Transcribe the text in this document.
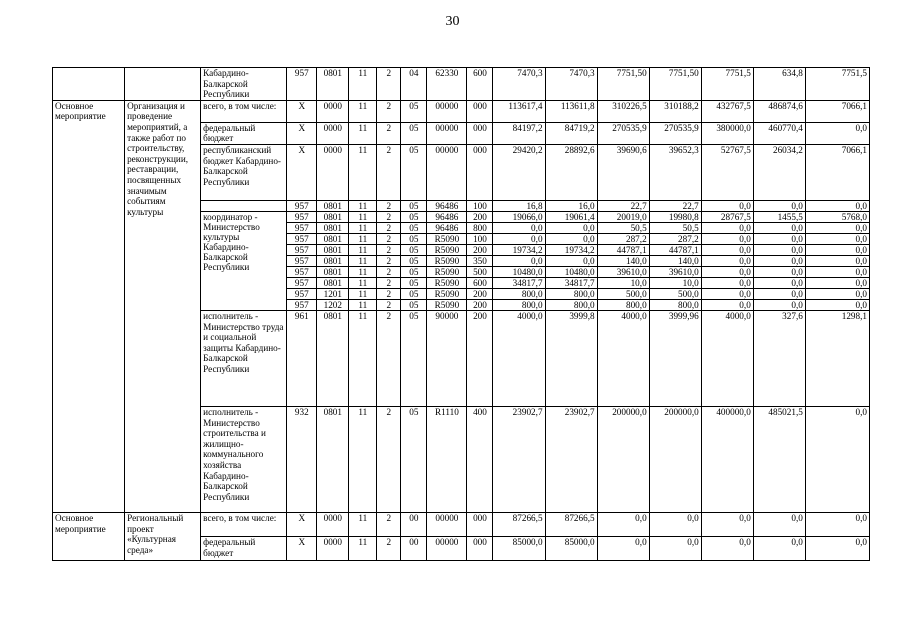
30
		Кабардино-Балкарской Республики	957	0801	11	2	04	62330	600	7470,3	7470,3	7751,50	7751,50	7751,5	634,8	7751,5
Основное мероприятие	Организация и проведение мероприятий, а также работ по строительству, реконструкции, реставрации, посвященных значимым событиям культуры	всего, в том числе:	X	0000	11	2	05	00000	000	113617,4	113611,8	310226,5	310188,2	432767,5	486874,6	7066,1
		федеральный бюджет	X	0000	11	2	05	00000	000	84197,2	84719,2	270535,9	270535,9	380000,0	460770,4	0,0
		республиканский бюджет Кабардино-Балкарской Республики	X	0000	11	2	05	00000	000	29420,2	28892,6	39690,6	39652,3	52767,5	26034,2	7066,1
			957	0801	11	2	05	96486	100	16,8	16,0	22,7	22,7	0,0	0,0	0,0
		координатор - Министерство культуры Кабардино-Балкарской Республики	957	0801	11	2	05	96486	200	19066,0	19061,4	20019,0	19980,8	28767,5	1455,5	5768,0
			957	0801	11	2	05	96486	800	0,0	0,0	50,5	50,5	0,0	0,0	0,0
			957	0801	11	2	05	R5090	100	0,0	0,0	287,2	287,2	0,0	0,0	0,0
			957	0801	11	2	05	R5090	200	19734,2	19734,2	44787,1	44787,1	0,0	0,0	0,0
			957	0801	11	2	05	R5090	350	0,0	0,0	140,0	140,0	0,0	0,0	0,0
			957	0801	11	2	05	R5090	500	10480,0	10480,0	39610,0	39610,0	0,0	0,0	0,0
			957	0801	11	2	05	R5090	600	34817,7	34817,7	10,0	10,0	0,0	0,0	0,0
			957	1201	11	2	05	R5090	200	800,0	800,0	500,0	500,0	0,0	0,0	0,0
			957	1202	11	2	05	R5090	200	800,0	800,0	800,0	800,0	0,0	0,0	0,0
		исполнитель - Министерство труда и социальной защиты Кабардино-Балкарской Республики	961	0801	11	2	05	90000	200	4000,0	3999,8	4000,0	3999,96	4000,0	327,6	1298,1
		исполнитель - Министерство строительства и жилищно-коммунального хозяйства Кабардино-Балкарской Республики	932	0801	11	2	05	R1110	400	23902,7	23902,7	200000,0	200000,0	400000,0	485021,5	0,0
Основное мероприятие	Региональный проект «Культурная среда»	всего, в том числе:	X	0000	11	2	00	00000	000	87266,5	87266,5	0,0	0,0	0,0	0,0	0,0
		федеральный бюджет	X	0000	11	2	00	00000	000	85000,0	85000,0	0,0	0,0	0,0	0,0	0,0
